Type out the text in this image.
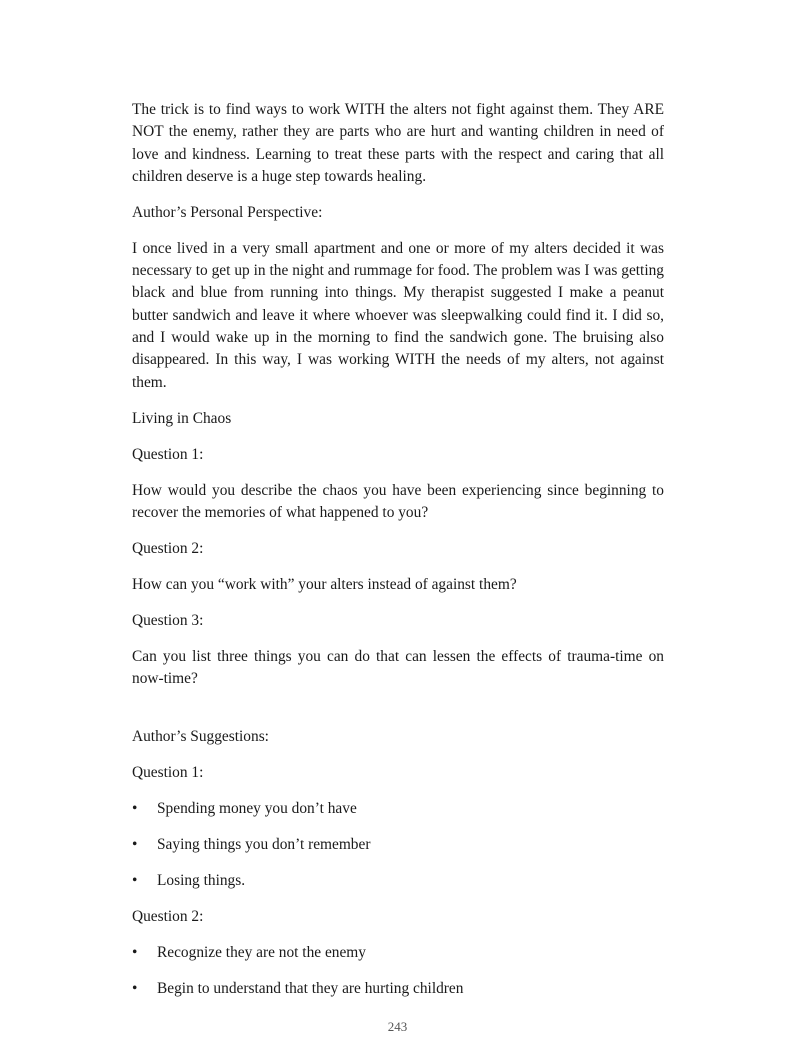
The trick is to find ways to work WITH the alters not fight against them. They ARE NOT the enemy, rather they are parts who are hurt and wanting children in need of love and kindness. Learning to treat these parts with the respect and caring that all children deserve is a huge step towards healing.

Author’s Personal Perspective:

I once lived in a very small apartment and one or more of my alters decided it was necessary to get up in the night and rummage for food. The problem was I was getting black and blue from running into things. My therapist suggested I make a peanut butter sandwich and leave it where whoever was sleepwalking could find it. I did so, and I would wake up in the morning to find the sandwich gone. The bruising also disappeared. In this way, I was working WITH the needs of my alters, not against them.

Living in Chaos

Question 1:

How would you describe the chaos you have been experiencing since beginning to recover the memories of what happened to you?

Question 2:

How can you “work with” your alters instead of against them?

Question 3:

Can you list three things you can do that can lessen the effects of trauma-time on now-time?

Author’s Suggestions:

Question 1:

• Spending money you don’t have
• Saying things you don’t remember
• Losing things.

Question 2:

• Recognize they are not the enemy
• Begin to understand that they are hurting children
243
